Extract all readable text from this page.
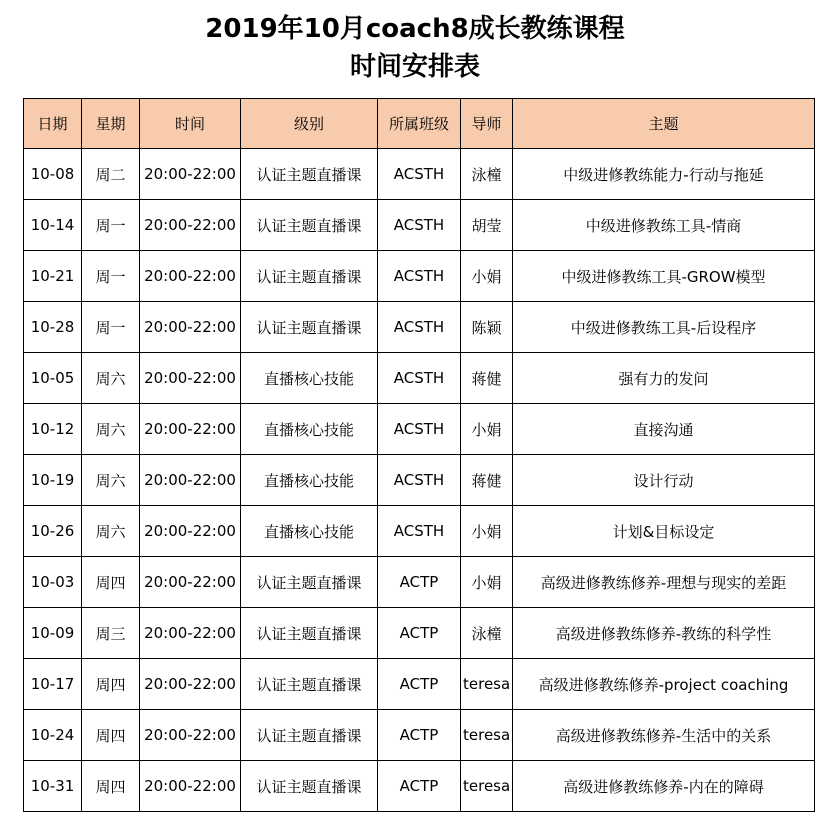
2019年10月coach8成长教练课程
时间安排表
日期	星期	时间	级别	所属班级	导师	主题
10-08	周二	20:00-22:00	认证主题直播课	ACSTH	泳橦	中级进修教练能力-行动与拖延
10-14	周一	20:00-22:00	认证主题直播课	ACSTH	胡莹	中级进修教练工具-情商
10-21	周一	20:00-22:00	认证主题直播课	ACSTH	小娟	中级进修教练工具-GROW模型
10-28	周一	20:00-22:00	认证主题直播课	ACSTH	陈颖	中级进修教练工具-后设程序
10-05	周六	20:00-22:00	直播核心技能	ACSTH	蒋健	强有力的发问
10-12	周六	20:00-22:00	直播核心技能	ACSTH	小娟	直接沟通
10-19	周六	20:00-22:00	直播核心技能	ACSTH	蒋健	设计行动
10-26	周六	20:00-22:00	直播核心技能	ACSTH	小娟	计划&目标设定
10-03	周四	20:00-22:00	认证主题直播课	ACTP	小娟	高级进修教练修养-理想与现实的差距
10-09	周三	20:00-22:00	认证主题直播课	ACTP	泳橦	高级进修教练修养-教练的科学性
10-17	周四	20:00-22:00	认证主题直播课	ACTP	teresa	高级进修教练修养-project coaching
10-24	周四	20:00-22:00	认证主题直播课	ACTP	teresa	高级进修教练修养-生活中的关系
10-31	周四	20:00-22:00	认证主题直播课	ACTP	teresa	高级进修教练修养-内在的障碍
